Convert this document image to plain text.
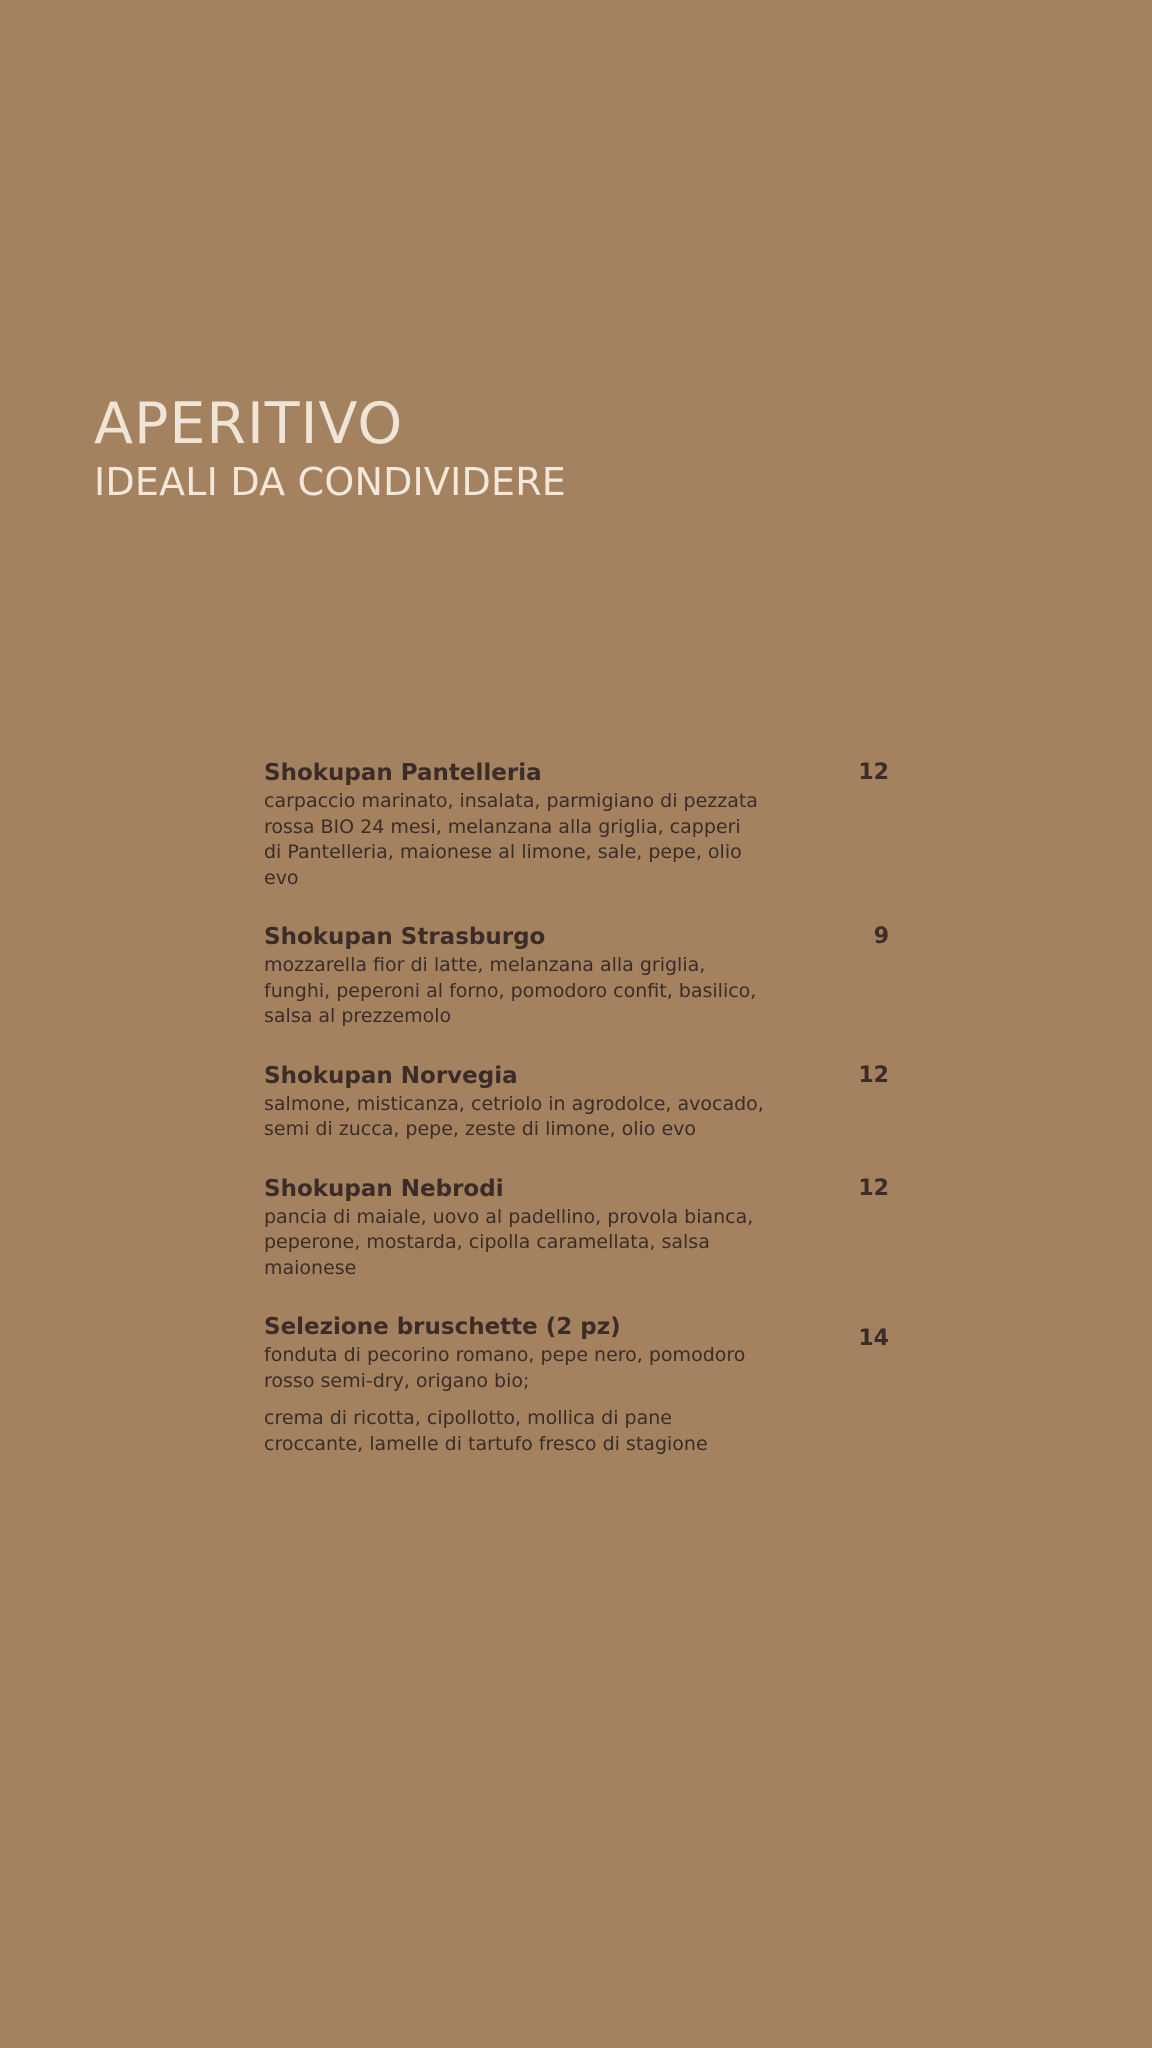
APERITIVO
IDEALI DA CONDIVIDERE
Shokupan Pantelleria	12
carpaccio marinato, insalata, parmigiano di pezzata rossa BIO 24 mesi, melanzana alla griglia, capperi di Pantelleria, maionese al limone, sale, pepe, olio evo
Shokupan Strasburgo	9
mozzarella fior di latte, melanzana alla griglia, funghi, peperoni al forno, pomodoro confit, basilico, salsa al prezzemolo
Shokupan Norvegia	12
salmone, misticanza, cetriolo in agrodolce, avocado, semi di zucca, pepe, zeste di limone, olio evo
Shokupan Nebrodi	12
pancia di maiale, uovo al padellino, provola bianca, peperone, mostarda, cipolla caramellata, salsa maionese
Selezione bruschette (2 pz)	14
fonduta di pecorino romano, pepe nero, pomodoro rosso semi-dry, origano bio;
crema di ricotta, cipollotto, mollica di pane croccante, lamelle di tartufo fresco di stagione
